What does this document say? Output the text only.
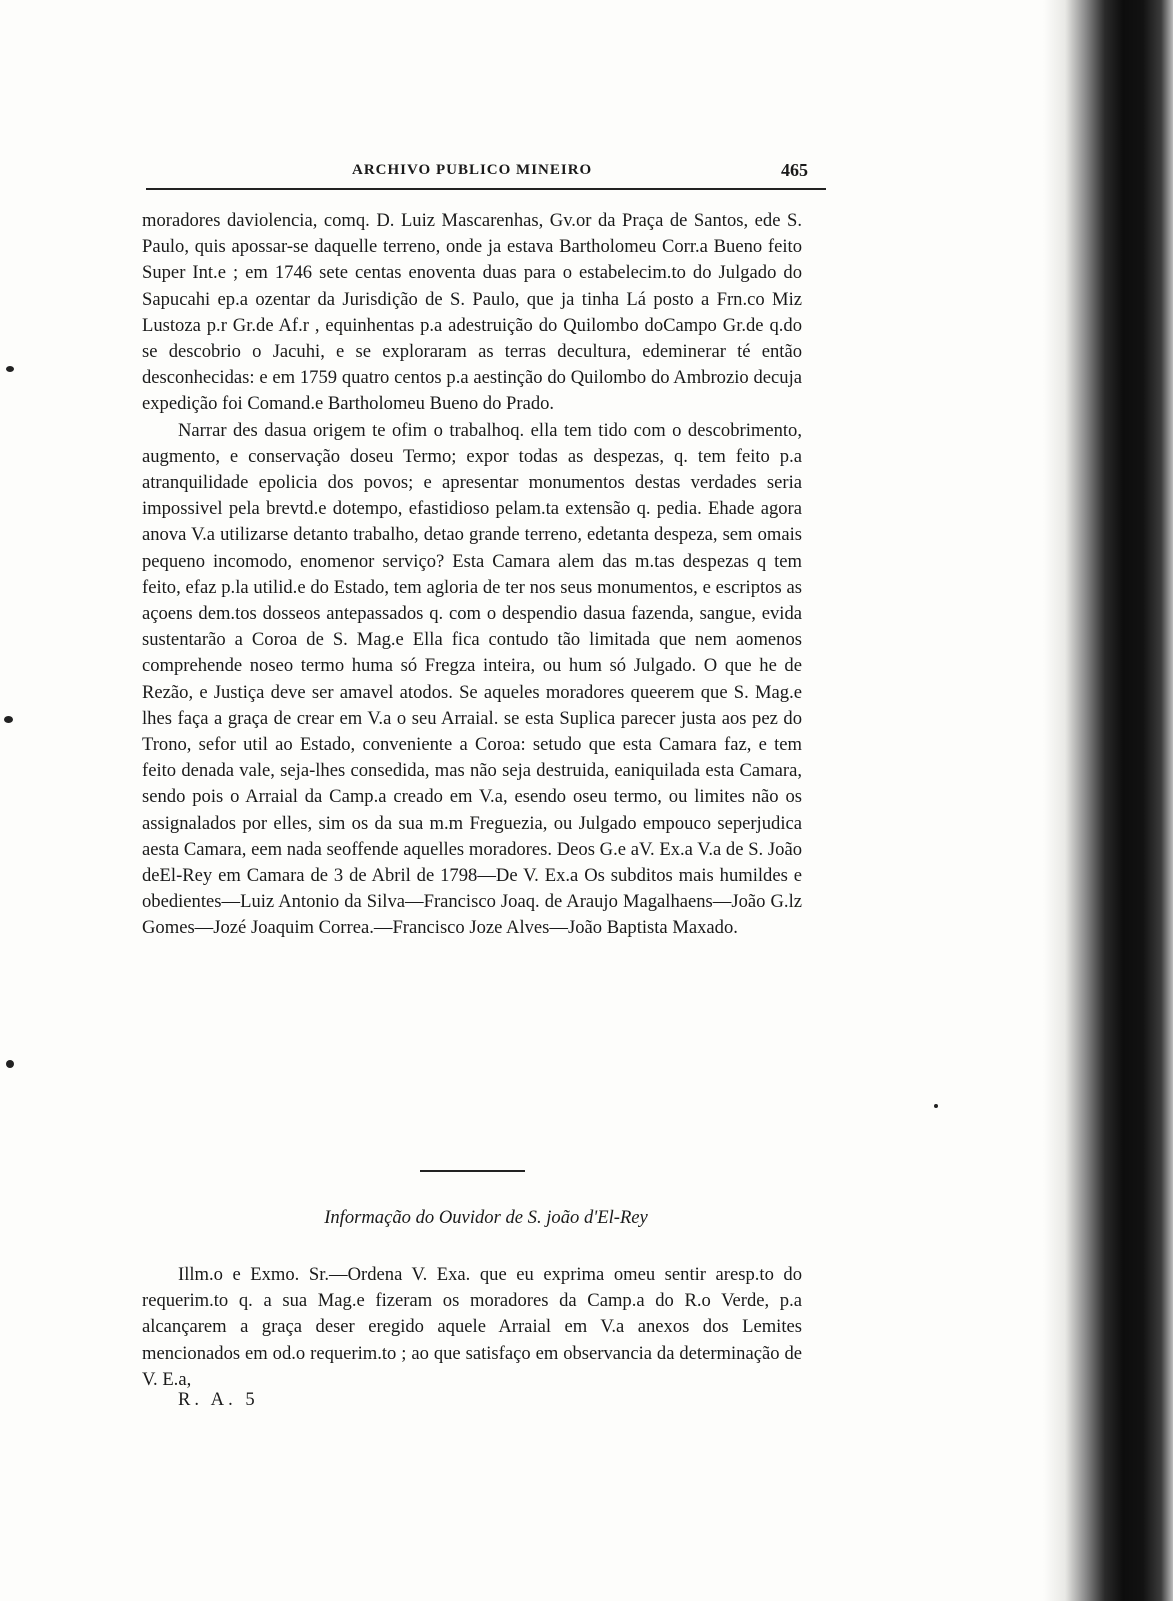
ARCHIVO PUBLICO MINEIRO	465

moradores daviolencia, comq. D. Luiz Mascarenhas, Gv.or da Praça de Santos, ede S. Paulo, quis apossar-se daquelle terreno, onde ja estava Bartholomeu Corr.a Bueno feito Super Int.e ; em 1746 sete centas enoventa duas para o estabelecim.to do Julgado do Sapucahi ep.a ozentar da Jurisdição de S. Paulo, que ja tinha Lá posto a Frn.co Miz Lustoza p.r Gr.de Af.r , equinhentas p.a adestruição do Quilombo doCampo Gr.de q.do se descobrio o Jacuhi, e se exploraram as terras decultura, edeminerar té então desconhecidas: e em 1759 quatro centos p.a aestinção do Quilombo do Ambrozio decuja expedição foi Comand.e Bartholomeu Bueno do Prado.

Narrar des dasua origem te ofim o trabalhoq. ella tem tido com o descobrimento, augmento, e conservação doseu Termo; expor todas as despezas, q. tem feito p.a atranquilidade epolicia dos povos; e apresentar monumentos destas verdades seria impossivel pela brevtd.e dotempo, efastidioso pelam.ta extensão q. pedia. Ehade agora anova V.a utilizarse detanto trabalho, detao grande terreno, edetanta despeza, sem omais pequeno incomodo, enomenor serviço? Esta Camara alem das m.tas despezas q tem feito, efaz p.la utilid.e do Estado, tem agloria de ter nos seus monumentos, e escriptos as açoens dem.tos dosseos antepassados q. com o despendio dasua fazenda, sangue, evida sustentarão a Coroa de S. Mag.e Ella fica contudo tão limitada que nem aomenos comprehende noseo termo huma só Fregza inteira, ou hum só Julgado. O que he de Rezão, e Justiça deve ser amavel atodos. Se aqueles moradores queerem que S. Mag.e lhes faça a graça de crear em V.a o seu Arraial. se esta Suplica parecer justa aos pez do Trono, sefor util ao Estado, conveniente a Coroa: setudo que esta Camara faz, e tem feito denada vale, seja-lhes consedida, mas não seja destruida, eaniquilada esta Camara, sendo pois o Arraial da Camp.a creado em V.a, esendo oseu termo, ou limites não os assignalados por elles, sim os da sua m.m Freguezia, ou Julgado empouco seperjudica aesta Camara, eem nada seoffende aquelles moradores. Deos G.e aV. Ex.a V.a de S. João deEl-Rey em Camara de 3 de Abril de 1798—De V. Ex.a Os subditos mais humildes e obedientes—Luiz Antonio da Silva—Francisco Joaq. de Araujo Magalhaens—João G.lz Gomes—Jozé Joaquim Correa.—Francisco Joze Alves—João Baptista Maxado.

Informação do Ouvidor de S. joão d'El-Rey

Illm.o e Exmo. Sr.—Ordena V. Exa. que eu exprima omeu sentir aresp.to do requerim.to q. a sua Mag.e fizeram os moradores da Camp.a do R.o Verde, p.a alcançarem a graça deser eregido aquele Arraial em V.a anexos dos Lemites mencionados em od.o requerim.to ; ao que satisfaço em observancia da determinação de V. E.a,

R. A. 5
